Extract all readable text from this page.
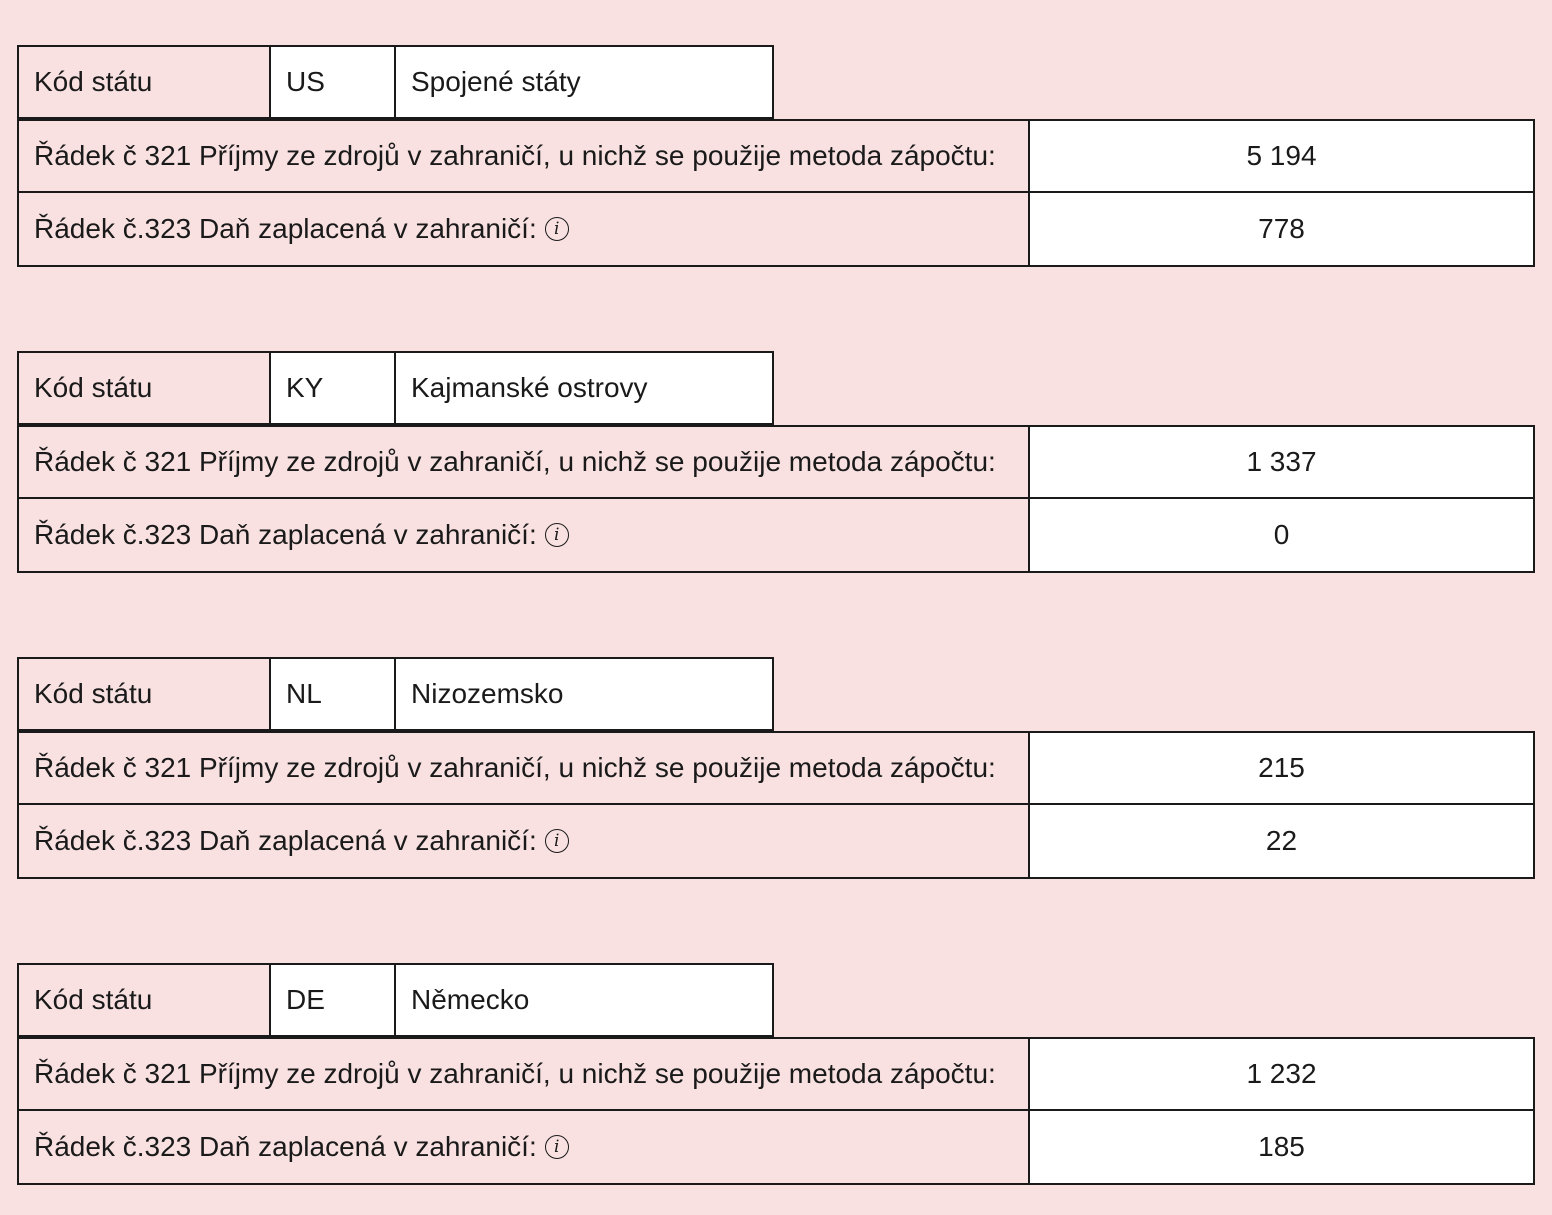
Kód státu	US	Spojené státy
Řádek č 321 Příjmy ze zdrojů v zahraničí, u nichž se použije metoda zápočtu:	5 194
Řádek č.323 Daň zaplacená v zahraničí:	i	778
Kód státu	KY	Kajmanské ostrovy
Řádek č 321 Příjmy ze zdrojů v zahraničí, u nichž se použije metoda zápočtu:	1 337
Řádek č.323 Daň zaplacená v zahraničí:	i	0
Kód státu	NL	Nizozemsko
Řádek č 321 Příjmy ze zdrojů v zahraničí, u nichž se použije metoda zápočtu:	215
Řádek č.323 Daň zaplacená v zahraničí:	i	22
Kód státu	DE	Německo
Řádek č 321 Příjmy ze zdrojů v zahraničí, u nichž se použije metoda zápočtu:	1 232
Řádek č.323 Daň zaplacená v zahraničí:	i	185
